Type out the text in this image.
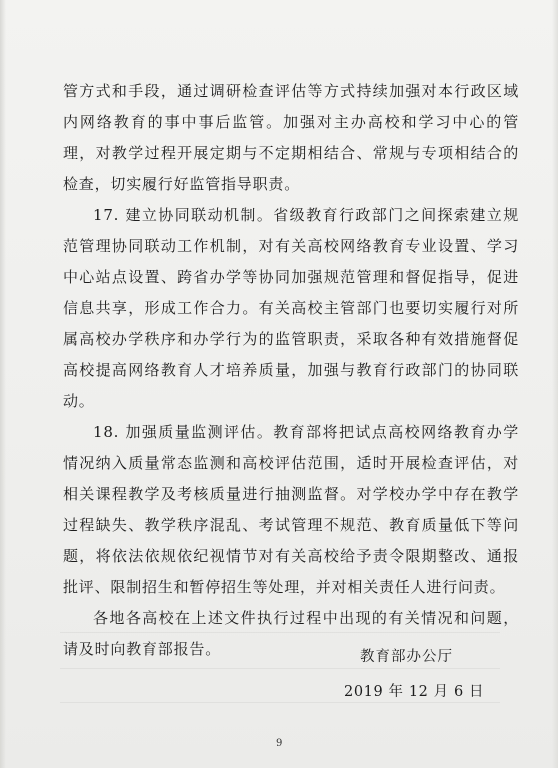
管方式和手段，通过调研检查评估等方式持续加强对本行政区域内网络教育的事中事后监管。加强对主办高校和学习中心的管理，对教学过程开展定期与不定期相结合、常规与专项相结合的检查，切实履行好监管指导职责。

17. 建立协同联动机制。省级教育行政部门之间探索建立规范管理协同联动工作机制，对有关高校网络教育专业设置、学习中心站点设置、跨省办学等协同加强规范管理和督促指导，促进信息共享，形成工作合力。有关高校主管部门也要切实履行对所属高校办学秩序和办学行为的监管职责，采取各种有效措施督促高校提高网络教育人才培养质量，加强与教育行政部门的协同联动。

18. 加强质量监测评估。教育部将把试点高校网络教育办学情况纳入质量常态监测和高校评估范围，适时开展检查评估，对相关课程教学及考核质量进行抽测监督。对学校办学中存在教学过程缺失、教学秩序混乱、考试管理不规范、教育质量低下等问题，将依法依规依纪视情节对有关高校给予责令限期整改、通报批评、限制招生和暂停招生等处理，并对相关责任人进行问责。

各地各高校在上述文件执行过程中出现的有关情况和问题，请及时向教育部报告。	教育部办公厅
2019 年 12 月 6 日
9
